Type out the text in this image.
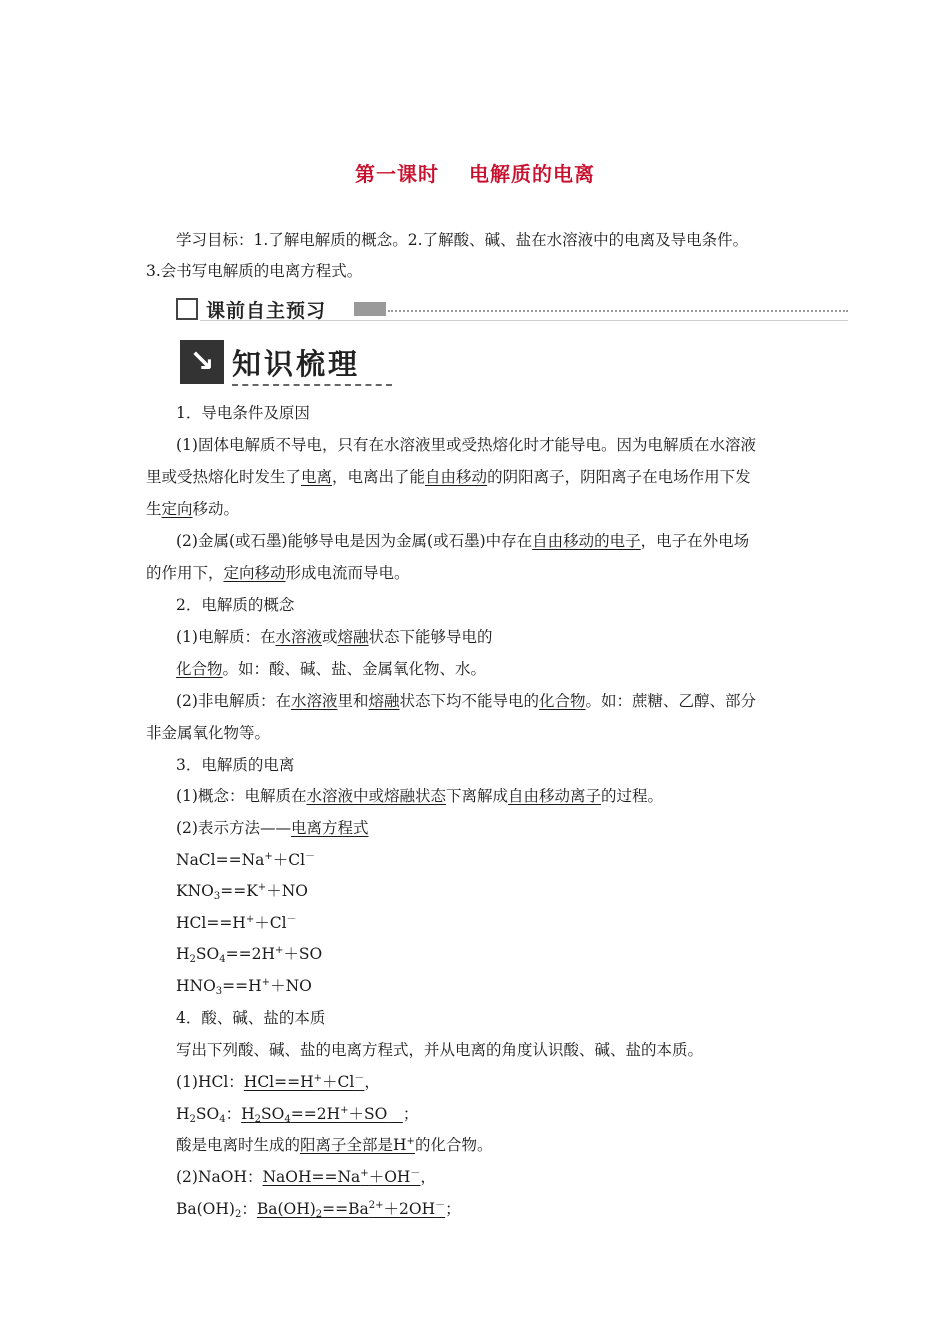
第一课时 电解质的电离
学习目标：1.了解电解质的概念。2.了解酸、碱、盐在水溶液中的电离及导电条件。
3.会书写电解质的电离方程式。
课前自主预习
↘ 知识梳理
1．导电条件及原因
(1)固体电解质不导电，只有在水溶液里或受热熔化时才能导电。因为电解质在水溶液
里或受热熔化时发生了电离，电离出了能自由移动的阴阳离子，阴阳离子在电场作用下发
生定向移动。
(2)金属(或石墨)能够导电是因为金属(或石墨)中存在自由移动的电子，电子在外电场
的作用下，定向移动形成电流而导电。
2．电解质的概念
(1)电解质：在水溶液或熔融状态下能够导电的
化合物。如：酸、碱、盐、金属氧化物、水。
(2)非电解质：在水溶液里和熔融状态下均不能导电的化合物。如：蔗糖、乙醇、部分
非金属氧化物等。
3．电解质的电离
(1)概念：电解质在水溶液中或熔融状态下离解成自由移动离子的过程。
(2)表示方法——电离方程式
NaCl==Na+＋Cl－
$KNO_3==K^++NO$
HCl==H+＋Cl－
$H_2SO_4==2H^++SO$
$HNO_3==H^++NO$
4．酸、碱、盐的本质
写出下列酸、碱、盐的电离方程式，并从电离的角度认识酸、碱、盐的本质。
(1)HCl：HCl==H+＋Cl－，
$H_2SO_4$：$H_2SO_4==2H^++SO$　 ；
酸是电离时生成的阳离子全部是H+的化合物。
(2)NaOH：NaOH==Na+＋OH－，
$Ba(OH)_2$：$Ba(OH)_2==Ba^{2+}+2OH^-$；
